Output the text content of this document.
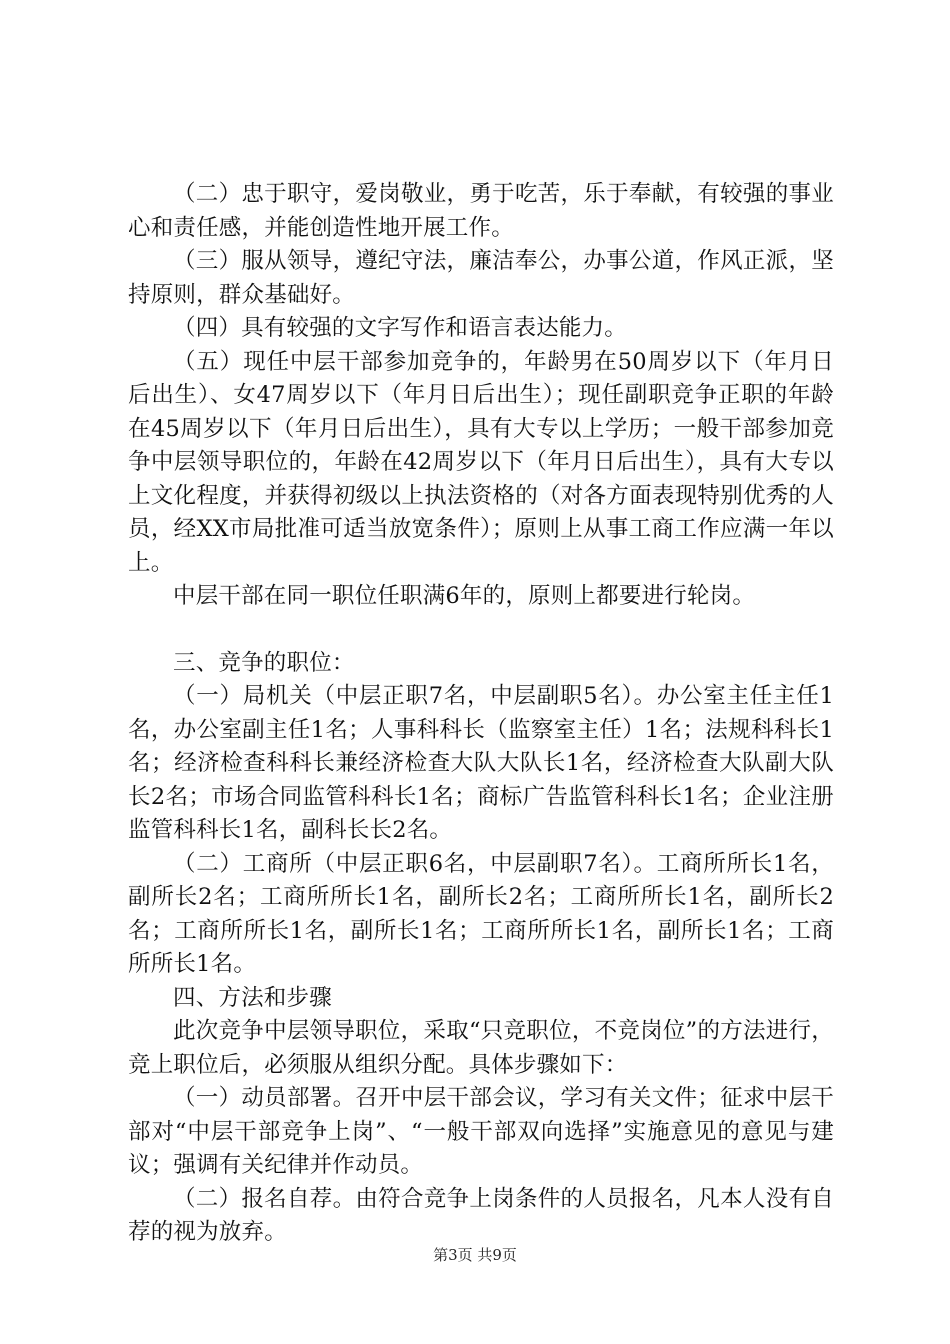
（二）忠于职守，爱岗敬业，勇于吃苦，乐于奉献，有较强的事业心和责任感，并能创造性地开展工作。

（三）服从领导，遵纪守法，廉洁奉公，办事公道，作风正派，坚持原则，群众基础好。

（四）具有较强的文字写作和语言表达能力。

（五）现任中层干部参加竞争的，年龄男在50周岁以下（年月日后出生）、女47周岁以下（年月日后出生）；现任副职竞争正职的年龄在45周岁以下（年月日后出生），具有大专以上学历；一般干部参加竞争中层领导职位的，年龄在42周岁以下（年月日后出生），具有大专以上文化程度，并获得初级以上执法资格的（对各方面表现特别优秀的人员，经XX市局批准可适当放宽条件）；原则上从事工商工作应满一年以上。

中层干部在同一职位任职满6年的，原则上都要进行轮岗。

三、竞争的职位：

（一）局机关（中层正职7名，中层副职5名）。办公室主任主任1名，办公室副主任1名；人事科科长（监察室主任）1名；法规科科长1名；经济检查科科长兼经济检查大队大队长1名，经济检查大队副大队长2名；市场合同监管科科长1名；商标广告监管科科长1名；企业注册监管科科长1名，副科长长2名。

（二）工商所（中层正职6名，中层副职7名）。工商所所长1名，副所长2名；工商所所长1名，副所长2名；工商所所长1名，副所长2名；工商所所长1名，副所长1名；工商所所长1名，副所长1名；工商所所长1名。

四、方法和步骤

此次竞争中层领导职位，采取“只竞职位，不竞岗位”的方法进行，竞上职位后，必须服从组织分配。具体步骤如下：

（一）动员部署。召开中层干部会议，学习有关文件；征求中层干部对“中层干部竞争上岗”、“一般干部双向选择”实施意见的意见与建议；强调有关纪律并作动员。

（二）报名自荐。由符合竞争上岗条件的人员报名，凡本人没有自荐的视为放弃。

第3页 共9页
